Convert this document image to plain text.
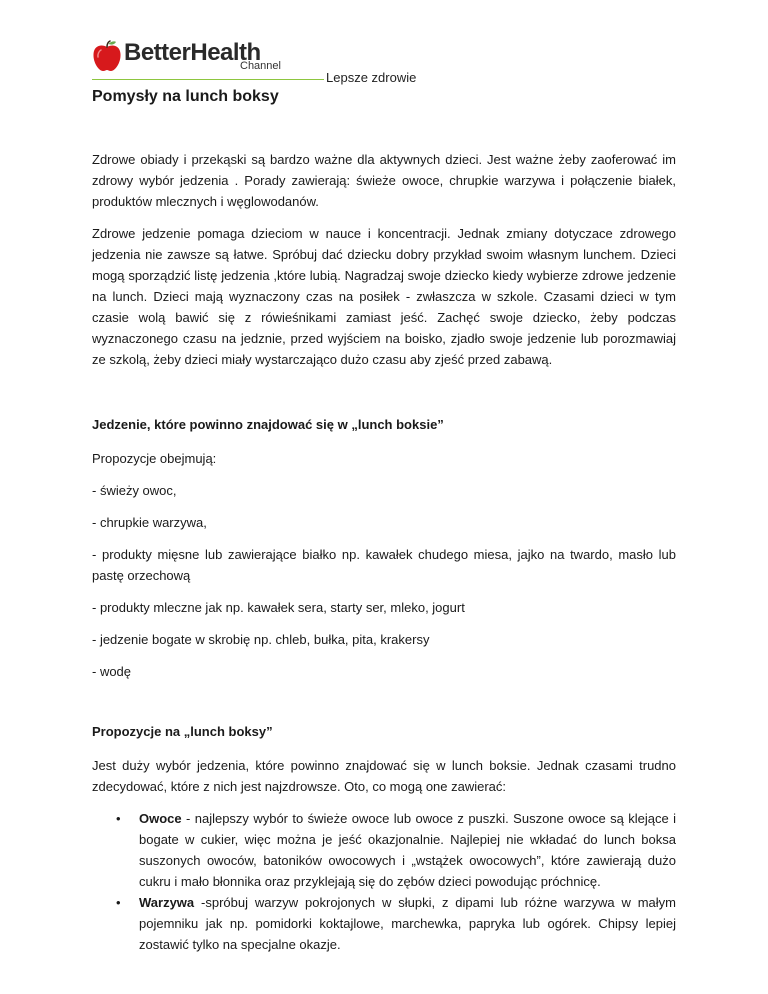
BetterHealth
Channel
Lepsze zdrowie
Pomysły na lunch boksy

Zdrowe obiady i przekąski są bardzo ważne dla aktywnych dzieci. Jest ważne żeby zaoferować im zdrowy wybór jedzenia . Porady zawierają: świeże owoce, chrupkie warzywa i połączenie białek, produktów mlecznych i węglowodanów.

Zdrowe jedzenie pomaga dzieciom w nauce i koncentracji. Jednak zmiany dotyczace zdrowego jedzenia nie zawsze są łatwe. Spróbuj dać dziecku dobry przykład swoim własnym lunchem. Dzieci mogą sporządzić listę jedzenia ,które lubią. Nagradzaj swoje dziecko kiedy wybierze zdrowe jedzenie na lunch. Dzieci mają wyznaczony czas na posiłek - zwłaszcza w szkole. Czasami dzieci w tym czasie wolą bawić się z rówieśnikami zamiast jeść. Zachęć swoje dziecko, żeby podczas wyznaczonego czasu na jedznie, przed wyjściem na boisko, zjadło swoje jedzenie lub porozmawiaj ze szkolą, żeby dzieci miały wystarczająco dużo czasu aby zjeść przed zabawą.

Jedzenie, które powinno znajdować się w „lunch boksie”

Propozycje obejmują:

- świeży owoc,

- chrupkie warzywa,

- produkty mięsne lub zawierające białko np. kawałek chudego miesa, jajko na twardo, masło lub pastę orzechową

- produkty mleczne jak np. kawałek sera, starty ser, mleko, jogurt

- jedzenie bogate w skrobię np. chleb, bułka, pita, krakersy

- wodę

Propozycje na „lunch boksy”

Jest duży wybór jedzenia, które powinno znajdować się w lunch boksie. Jednak czasami trudno zdecydować, które z nich jest najzdrowsze. Oto, co mogą one zawierać:

• Owoce - najlepszy wybór to świeże owoce lub owoce z puszki. Suszone owoce są klejące i bogate w cukier, więc można je jeść okazjonalnie. Najlepiej nie wkładać do lunch boksa suszonych owoców, batoników owocowych i „wstążek owocowych”, które zawierają dużo cukru i mało błonnika oraz przyklejają się do zębów dzieci powodując próchnicę.
• Warzywa -spróbuj warzyw pokrojonych w słupki, z dipami lub różne warzywa w małym pojemniku jak np. pomidorki koktajlowe, marchewka, papryka lub ogórek. Chipsy lepiej zostawić tylko na specjalne okazje.
